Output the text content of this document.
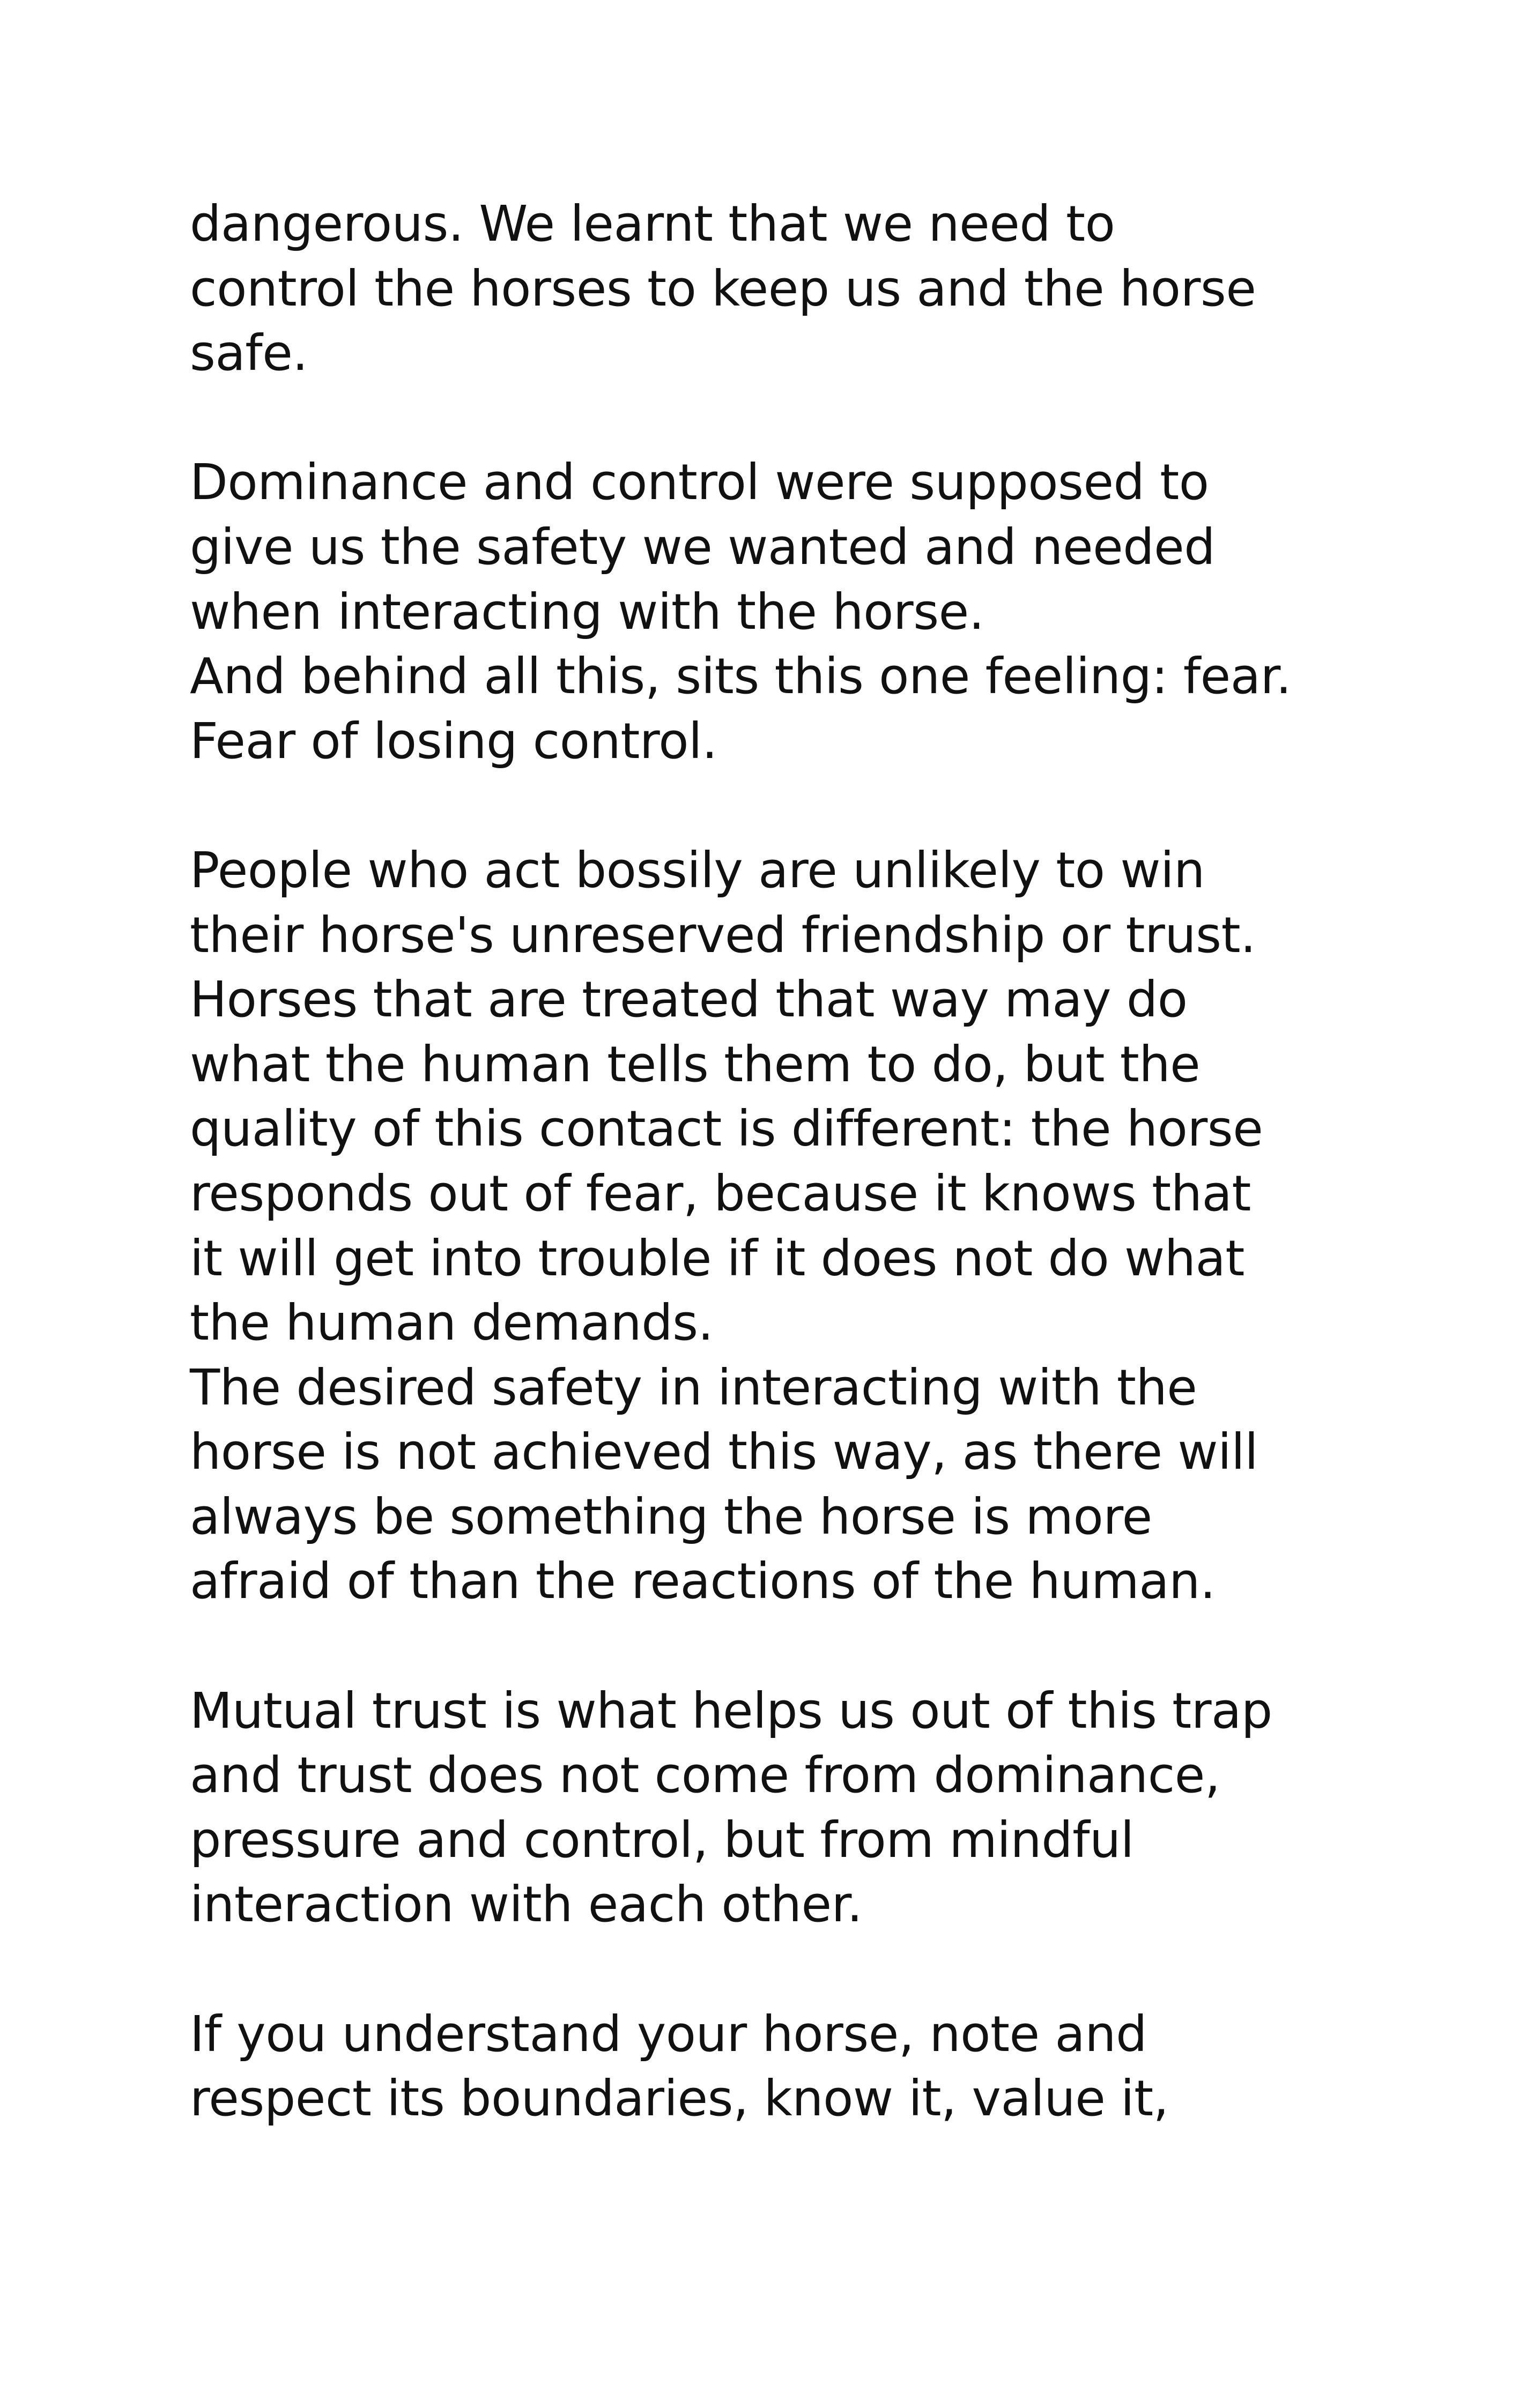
dangerous. We learnt that we need to
control the horses to keep us and the horse
safe.
Dominance and control were supposed to
give us the safety we wanted and needed
when interacting with the horse.
And behind all this, sits this one feeling: fear.
Fear of losing control.
People who act bossily are unlikely to win
their horse's unreserved friendship or trust.
Horses that are treated that way may do
what the human tells them to do, but the
quality of this contact is different: the horse
responds out of fear, because it knows that
it will get into trouble if it does not do what
the human demands.
The desired safety in interacting with the
horse is not achieved this way, as there will
always be something the horse is more
afraid of than the reactions of the human.
Mutual trust is what helps us out of this trap
and trust does not come from dominance,
pressure and control, but from mindful
interaction with each other.
If you understand your horse, note and
respect its boundaries, know it, value it,
